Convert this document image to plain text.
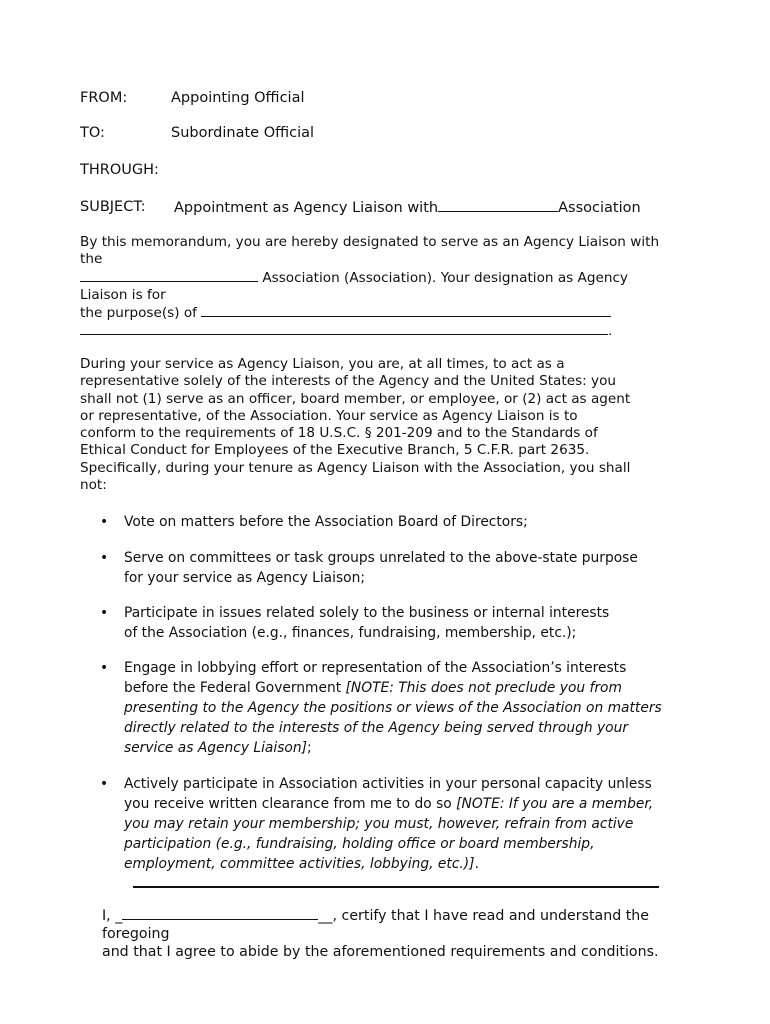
FROM:	Appointing Official
TO:	Subordinate Official
THROUGH:
SUBJECT: Appointment as Agency Liaison with	Association
By this memorandum, you are hereby designated to serve as an Agency Liaison with
the
Association (Association). Your designation as Agency
Liaison is for
the purpose(s) of
.
During your service as Agency Liaison, you are, at all times, to act as a
representative solely of the interests of the Agency and the United States: you
shall not (1) serve as an officer, board member, or employee, or (2) act as agent
or representative, of the Association. Your service as Agency Liaison is to
conform to the requirements of 18 U.S.C. § 201-209 and to the Standards of
Ethical Conduct for Employees of the Executive Branch, 5 C.F.R. part 2635.
Specifically, during your tenure as Agency Liaison with the Association, you shall
not:
• Vote on matters before the Association Board of Directors;
• Serve on committees or task groups unrelated to the above-state purpose
for your service as Agency Liaison;
• Participate in issues related solely to the business or internal interests
of the Association (e.g., finances, fundraising, membership, etc.);
• Engage in lobbying effort or representation of the Association’s interests
before the Federal Government [NOTE: This does not preclude you from
presenting to the Agency the positions or views of the Association on matters
directly related to the interests of the Agency being served through your
service as Agency Liaison];
• Actively participate in Association activities in your personal capacity unless
you receive written clearance from me to do so [NOTE: If you are a member,
you may retain your membership; you must, however, refrain from active
participation (e.g., fundraising, holding office or board membership,
employment, committee activities, lobbying, etc.)].
I, _	__, certify that I have read and understand the
foregoing
and that I agree to abide by the aforementioned requirements and conditions.
